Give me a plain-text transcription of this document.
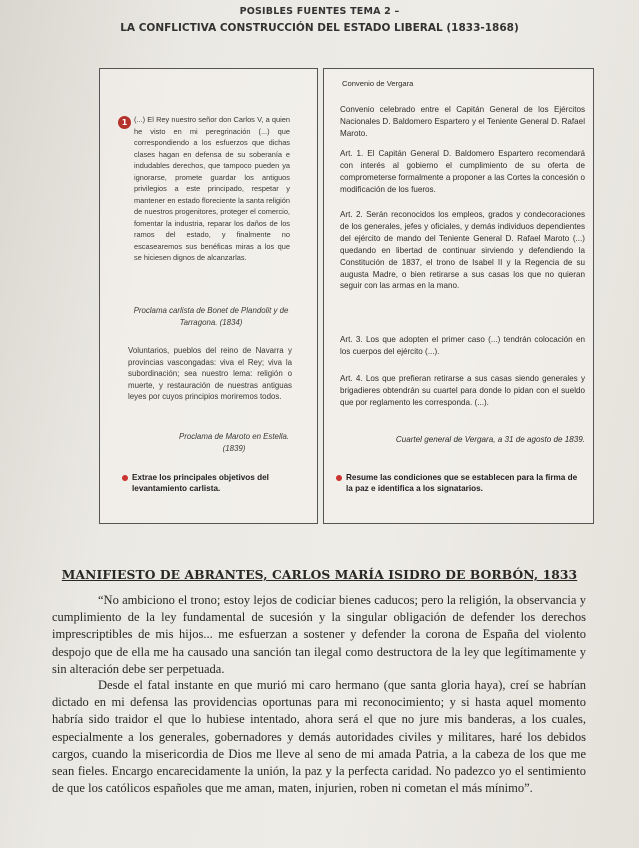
POSIBLES FUENTES TEMA 2 –
LA CONFLICTIVA CONSTRUCCIÓN DEL ESTADO LIBERAL (1833-1868)
1 (...) El Rey nuestro señor don Carlos V, a quien he visto en mi peregrinación (...) que correspondiendo a los esfuerzos que dichas clases hagan en defensa de su soberanía e indudables derechos, que tampoco pueden ya ignorarse, promete guardar los antiguos privilegios a este principado, respetar y mantener en estado floreciente la santa religión de nuestros progenitores, proteger el comercio, fomentar la industria, reparar los daños de los ramos del estado, y finalmente no escasearemos sus benéficas miras a los que se hiciesen dignos de alcanzarlas.

Proclama carlista de Bonet de Plandolit y de Tarragona. (1834)

Voluntarios, pueblos del reino de Navarra y provincias vascongadas: viva el Rey; viva la subordinación; sea nuestro lema: religión o muerte, y restauración de nuestras antiguas leyes por cuyos principios moriremos todos.

Proclama de Maroto en Estella. (1839)

Extrae los principales objetivos del levantamiento carlista.

Convenio de Vergara

Convenio celebrado entre el Capitán General de los Ejércitos Nacionales D. Baldomero Espartero y el Teniente General D. Rafael Maroto.

Art. 1. El Capitán General D. Baldomero Espartero recomendará con interés al gobierno el cumplimiento de su oferta de comprometerse formalmente a proponer a las Cortes la concesión o modificación de los fueros.

Art. 2. Serán reconocidos los empleos, grados y condecoraciones de los generales, jefes y oficiales, y demás individuos dependientes del ejército de mando del Teniente General D. Rafael Maroto (...) quedando en libertad de continuar sirviendo y defendiendo la Constitución de 1837, el trono de Isabel II y la Regencia de su augusta Madre, o bien retirarse a sus casas los que no quieran seguir con las armas en la mano.

Art. 3. Los que adopten el primer caso (...) tendrán colocación en los cuerpos del ejército (...).

Art. 4. Los que prefieran retirarse a sus casas siendo generales y brigadieres obtendrán su cuartel para donde lo pidan con el sueldo que por reglamento les corresponda. (...).

Cuartel general de Vergara, a 31 de agosto de 1839.

Resume las condiciones que se establecen para la firma de la paz e identifica a los signatarios.

MANIFIESTO DE ABRANTES, CARLOS MARÍA ISIDRO DE BORBÓN, 1833

“No ambiciono el trono; estoy lejos de codiciar bienes caducos; pero la religión, la observancia y cumplimiento de la ley fundamental de sucesión y la singular obligación de defender los derechos imprescriptibles de mis hijos... me esfuerzan a sostener y defender la corona de España del violento despojo que de ella me ha causado una sanción tan ilegal como destructora de la ley que legítimamente y sin alteración debe ser perpetuada.

Desde el fatal instante en que murió mi caro hermano (que santa gloria haya), creí se habrían dictado en mi defensa las providencias oportunas para mi reconocimiento; y si hasta aquel momento habría sido traidor el que lo hubiese intentado, ahora será el que no jure mis banderas, a los cuales, especialmente a los generales, gobernadores y demás autoridades civiles y militares, haré los debidos cargos, cuando la misericordia de Dios me lleve al seno de mi amada Patria, a la cabeza de los que me sean fieles. Encargo encarecidamente la unión, la paz y la perfecta caridad. No padezco yo el sentimiento de que los católicos españoles que me aman, maten, injurien, roben ni cometan el más mínimo”.
